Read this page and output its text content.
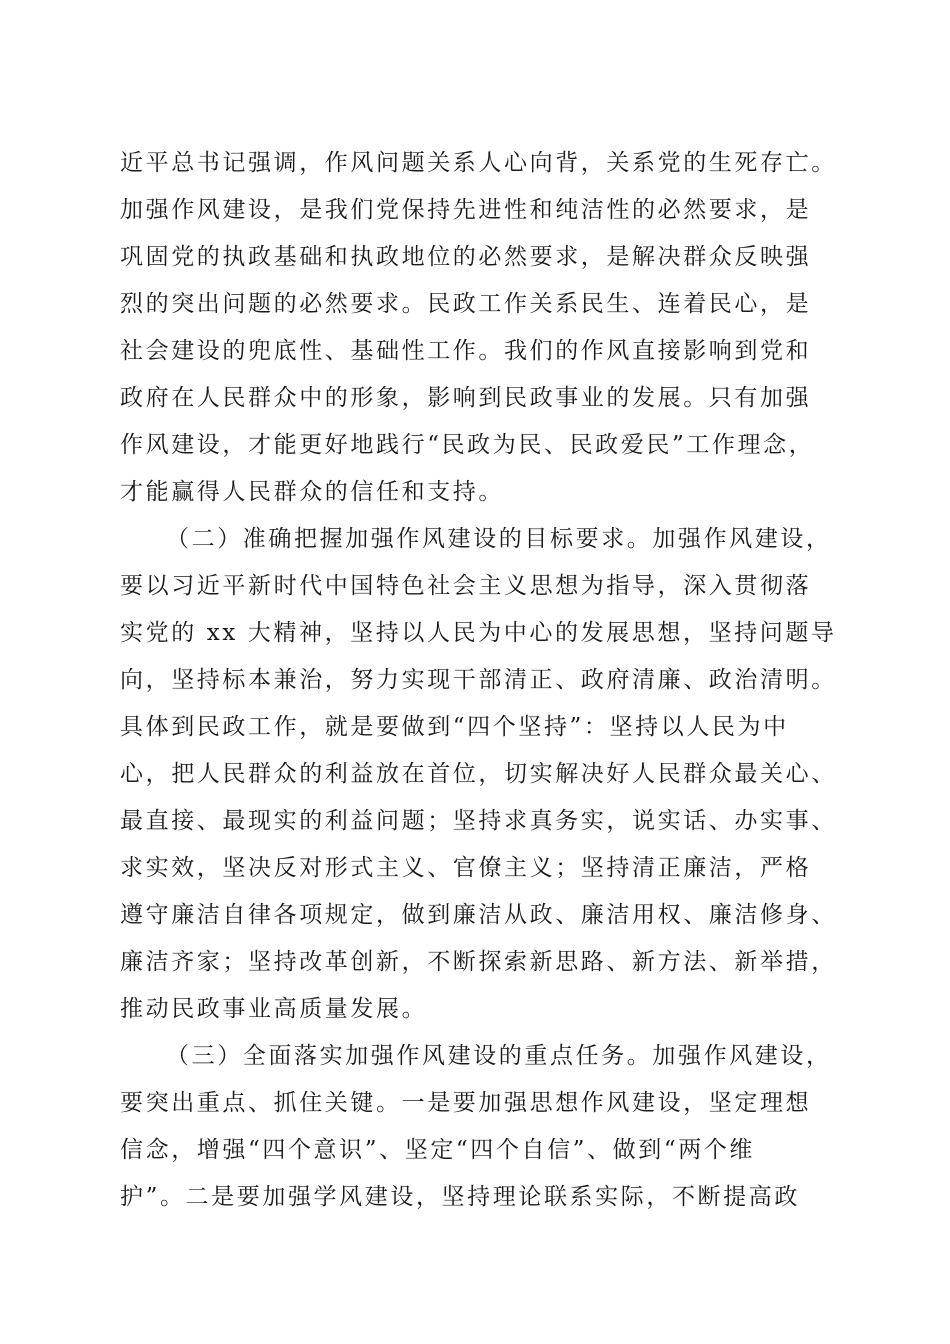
近平总书记强调，作风问题关系人心向背，关系党的生死存亡。
加强作风建设，是我们党保持先进性和纯洁性的必然要求，是
巩固党的执政基础和执政地位的必然要求，是解决群众反映强
烈的突出问题的必然要求。民政工作关系民生、连着民心，是
社会建设的兜底性、基础性工作。我们的作风直接影响到党和
政府在人民群众中的形象，影响到民政事业的发展。只有加强
作风建设，才能更好地践行“民政为民、民政爱民”工作理念，
才能赢得人民群众的信任和支持。
（二）准确把握加强作风建设的目标要求。加强作风建设，
要以习近平新时代中国特色社会主义思想为指导，深入贯彻落
实党的 xx 大精神，坚持以人民为中心的发展思想，坚持问题导
向，坚持标本兼治，努力实现干部清正、政府清廉、政治清明。
具体到民政工作，就是要做到“四个坚持”：坚持以人民为中
心，把人民群众的利益放在首位，切实解决好人民群众最关心、
最直接、最现实的利益问题；坚持求真务实，说实话、办实事、
求实效，坚决反对形式主义、官僚主义；坚持清正廉洁，严格
遵守廉洁自律各项规定，做到廉洁从政、廉洁用权、廉洁修身、
廉洁齐家；坚持改革创新，不断探索新思路、新方法、新举措，
推动民政事业高质量发展。
（三）全面落实加强作风建设的重点任务。加强作风建设，
要突出重点、抓住关键。一是要加强思想作风建设，坚定理想
信念，增强“四个意识”、坚定“四个自信”、做到“两个维
护”。二是要加强学风建设，坚持理论联系实际，不断提高政
